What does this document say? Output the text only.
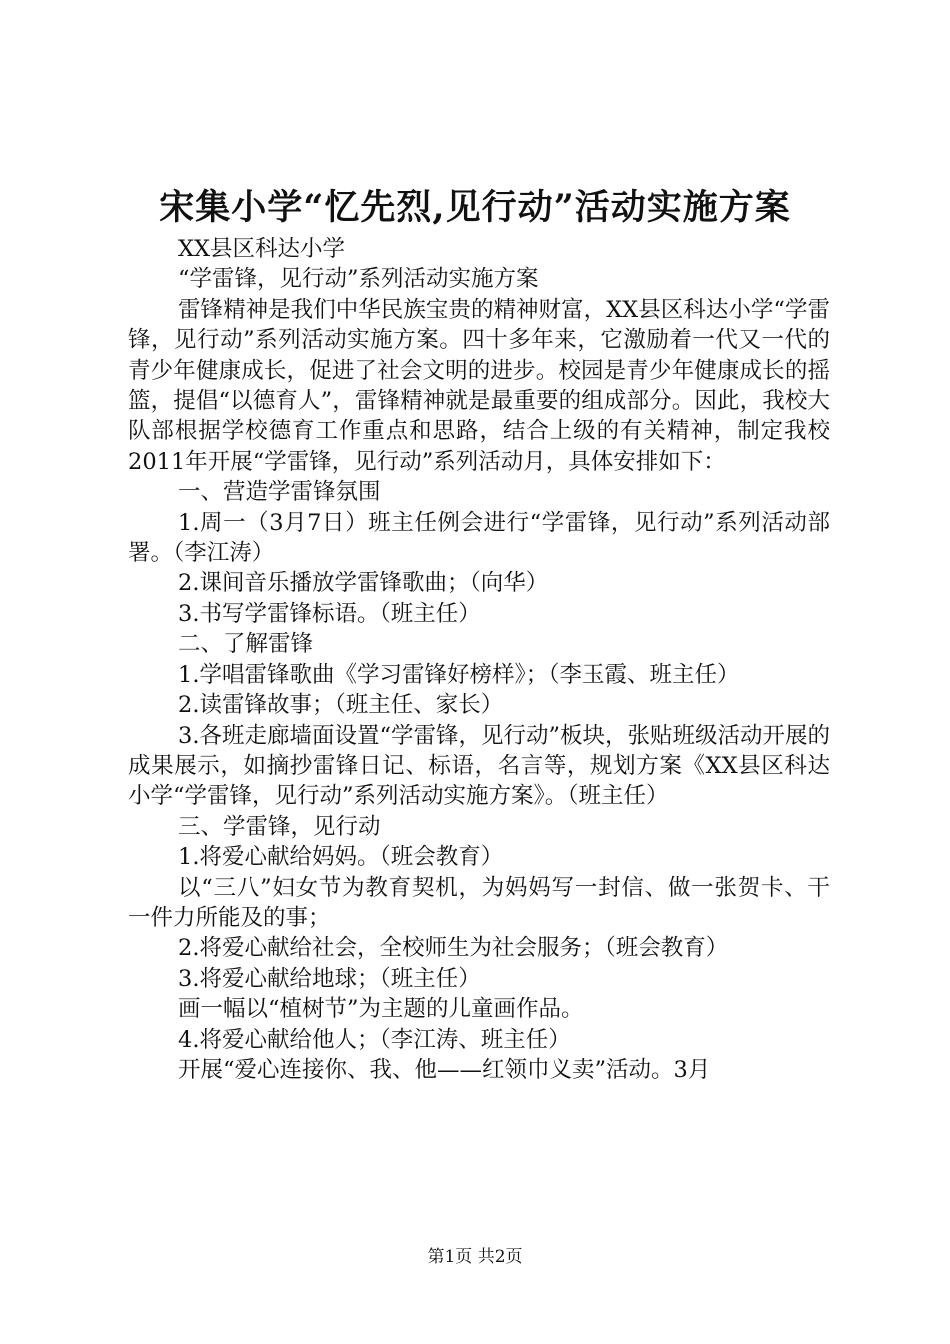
宋集小学“忆先烈,见行动”活动实施方案

XX县区科达小学

“学雷锋，见行动”系列活动实施方案

雷锋精神是我们中华民族宝贵的精神财富，XX县区科达小学“学雷锋，见行动”系列活动实施方案。四十多年来，它激励着一代又一代的青少年健康成长，促进了社会文明的进步。校园是青少年健康成长的摇篮，提倡“以德育人”，雷锋精神就是最重要的组成部分。因此，我校大队部根据学校德育工作重点和思路，结合上级的有关精神，制定我校2011年开展“学雷锋，见行动”系列活动月，具体安排如下：

一、营造学雷锋氛围

1.周一（3月7日）班主任例会进行“学雷锋，见行动”系列活动部署。（李江涛）

2.课间音乐播放学雷锋歌曲；（向华）

3.书写学雷锋标语。（班主任）

二、了解雷锋

1.学唱雷锋歌曲《学习雷锋好榜样》；（李玉霞、班主任）

2.读雷锋故事；（班主任、家长）

3.各班走廊墙面设置“学雷锋，见行动”板块，张贴班级活动开展的成果展示，如摘抄雷锋日记、标语，名言等，规划方案《XX县区科达小学“学雷锋，见行动”系列活动实施方案》。（班主任）

三、学雷锋，见行动

1.将爱心献给妈妈。（班会教育）

以“三八”妇女节为教育契机，为妈妈写一封信、做一张贺卡、干一件力所能及的事；

2.将爱心献给社会，全校师生为社会服务；（班会教育）

3.将爱心献给地球；（班主任）

画一幅以“植树节”为主题的儿童画作品。

4.将爱心献给他人；（李江涛、班主任）

开展“爱心连接你、我、他——红领巾义卖”活动。3月

第1页 共2页
